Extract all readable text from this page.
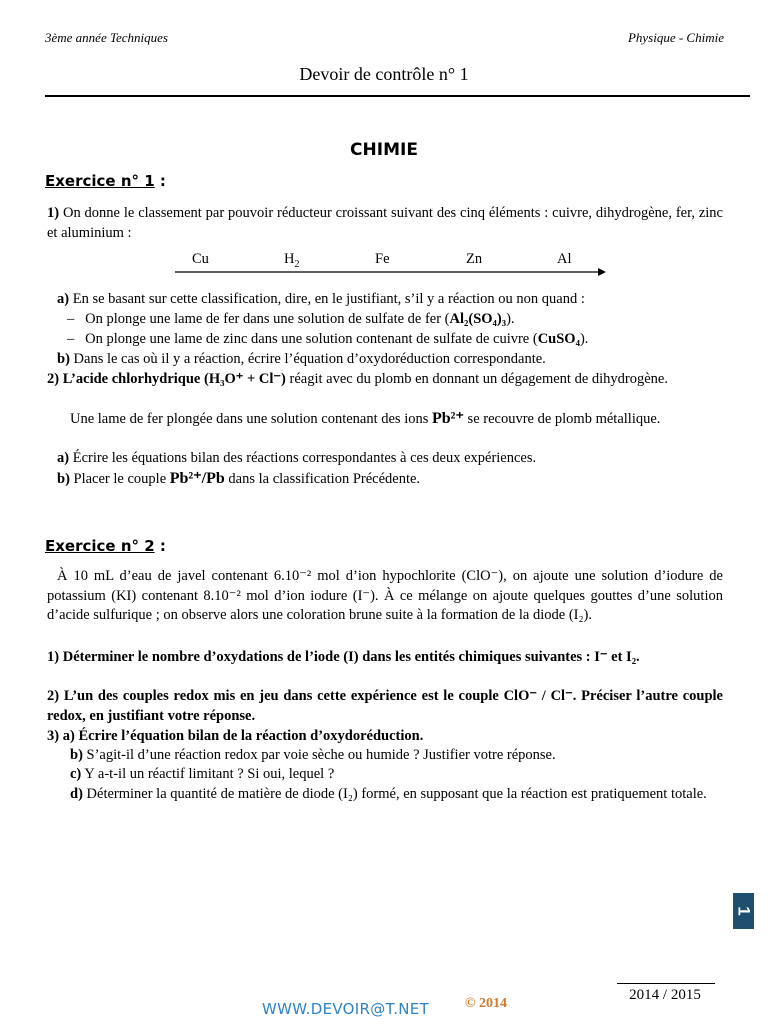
3ème année Techniques	Physique - Chimie
Devoir de contrôle n° 1
CHIMIE
Exercice n° 1 :
1) On donne le classement par pouvoir réducteur croissant suivant des cinq éléments : cuivre, dihydrogène, fer, zinc et aluminium :
Cu	$H_2$	Fe	Zn	Al
a) En se basant sur cette classification, dire, en le justifiant, s’il y a réaction ou non quand :
–   On plonge une lame de fer dans une solution de sulfate de fer (Al₂(SO₄)₃).
–   On plonge une lame de zinc dans une solution contenant de sulfate de cuivre (CuSO₄).
b) Dans le cas où il y a réaction, écrire l’équation d’oxydoréduction correspondante.
2) L’acide chlorhydrique (H₃O⁺ + Cl⁻) réagit avec du plomb en donnant un dégagement de dihydrogène.
Une lame de fer plongée dans une solution contenant des ions Pb²⁺ se recouvre de plomb métallique.
a) Écrire les équations bilan des réactions correspondantes à ces deux expériences.
b) Placer le couple Pb²⁺/Pb dans la classification Précédente.
Exercice n° 2 :
À 10 mL d’eau de javel contenant 6.10⁻² mol d’ion hypochlorite (ClO⁻), on ajoute une solution d’iodure de potassium (KI) contenant 8.10⁻² mol d’ion iodure (I⁻). À ce mélange on ajoute quelques gouttes d’une solution d’acide sulfurique ; on observe alors une coloration brune suite à la formation de la diode (I₂).
1) Déterminer le nombre d’oxydations de l’iode (I) dans les entités chimiques suivantes : I⁻ et I₂.
2) L’un des couples redox mis en jeu dans cette expérience est le couple ClO⁻ / Cl⁻. Préciser l’autre couple redox, en justifiant votre réponse.
3) a) Écrire l’équation bilan de la réaction d’oxydoréduction.
b) S’agit-il d’une réaction redox par voie sèche ou humide ? Justifier votre réponse.
c) Y a-t-il un réactif limitant ? Si oui, lequel ?
d) Déterminer la quantité de matière de diode (I₂) formé, en supposant que la réaction est pratiquement totale.
1
2014 / 2015
WWW.DEVOIR@T.NET	© 2014
